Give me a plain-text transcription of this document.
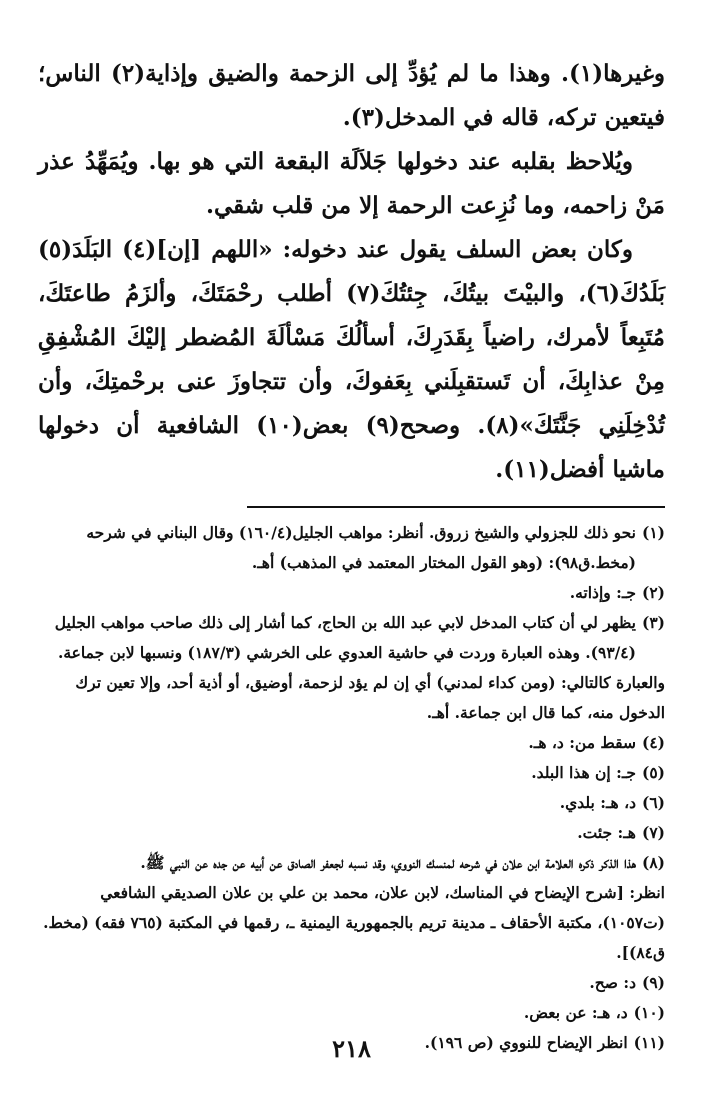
وغيرها(١). وهذا ما لم يُؤدِّ إلى الزحمة والضيق وإذاية(٢) الناس؛ فيتعين تركه، قاله في المدخل(٣).

ويُلاحظ بقلبه عند دخولها جَلاَلَة البقعة التي هو بها. ويُمَهِّدُ عذر مَنْ زاحمه، وما نُزِعت الرحمة إلا من قلب شقي.

وكان بعض السلف يقول عند دخوله: «اللهم [إن](٤) البَلَدَ(٥) بَلَدُكَ(٦)، والبيْتَ بيتُكَ، جِئتُكَ(٧) أطلب رحْمَتَكَ، وألزَمُ طاعتَكَ، مُتَبِعاً لأمرك، راضياً بِقَدَرِكَ، أسألُكَ مَسْألَةَ المُضطر إليْكَ المُشْفِقِ مِنْ عذابِكَ، أن تَستقبِلَني بِعَفوكَ، وأن تتجاوزَ عنى برحْمتِكَ، وأن تُدْخِلَنِي جَنَّتَكَ»(٨). وصحح(٩) بعض(١٠) الشافعية أن دخولها ماشيا أفضل(١١).

(١)
نحو ذلك للجزولي والشيخ زروق. أنظر: مواهب الجليل(١٦٠/٤) وقال البناني في شرحه (مخط.ق٩٨): (وهو القول المختار المعتمد في المذهب) أهـ.
(٢)
جـ: وإذاته.
(٣)
يظهر لي أن كتاب المدخل لابي عبد الله بن الحاج، كما أشار إلى ذلك صاحب مواهب الجليل (٩٣/٤). وهذه العبارة وردت في حاشية العدوي على الخرشي (١٨٧/٣) ونسبها لابن جماعة.
والعبارة كالتالي: (ومن كداء لمدني) أي إن لم يؤد لزحمة، أوضيق، أو أذية أحد، وإلا تعين ترك الدخول منه، كما قال ابن جماعة. أهـ.
(٤)
سقط من: د، هـ.
(٥)
جـ: إن هذا البلد.
(٦)
د، هـ: بلدي.
(٧)
هـ: جئت.
(٨)
هذا الذكر ذكره العلامة ابن علان في شرحه لمنسك النووي، وقد نسبه لجعفر الصادق عن أبيه عن جده عن النبي ﷺ.
انظر: [شرح الإيضاح في المناسك، لابن علان، محمد بن علي بن علان الصديقي الشافعي (ت١٠٥٧)، مكتبة الأحقاف ـ مدينة تريم بالجمهورية اليمنية ـ، رقمها في المكتبة (٧٦٥ فقه) (مخط. ق٨٤)].
(٩)
د: صح.
(١٠)
د، هـ: عن بعض.
(١١)
انظر الإيضاح للنووي (ص ١٩٦).
٢١٨
